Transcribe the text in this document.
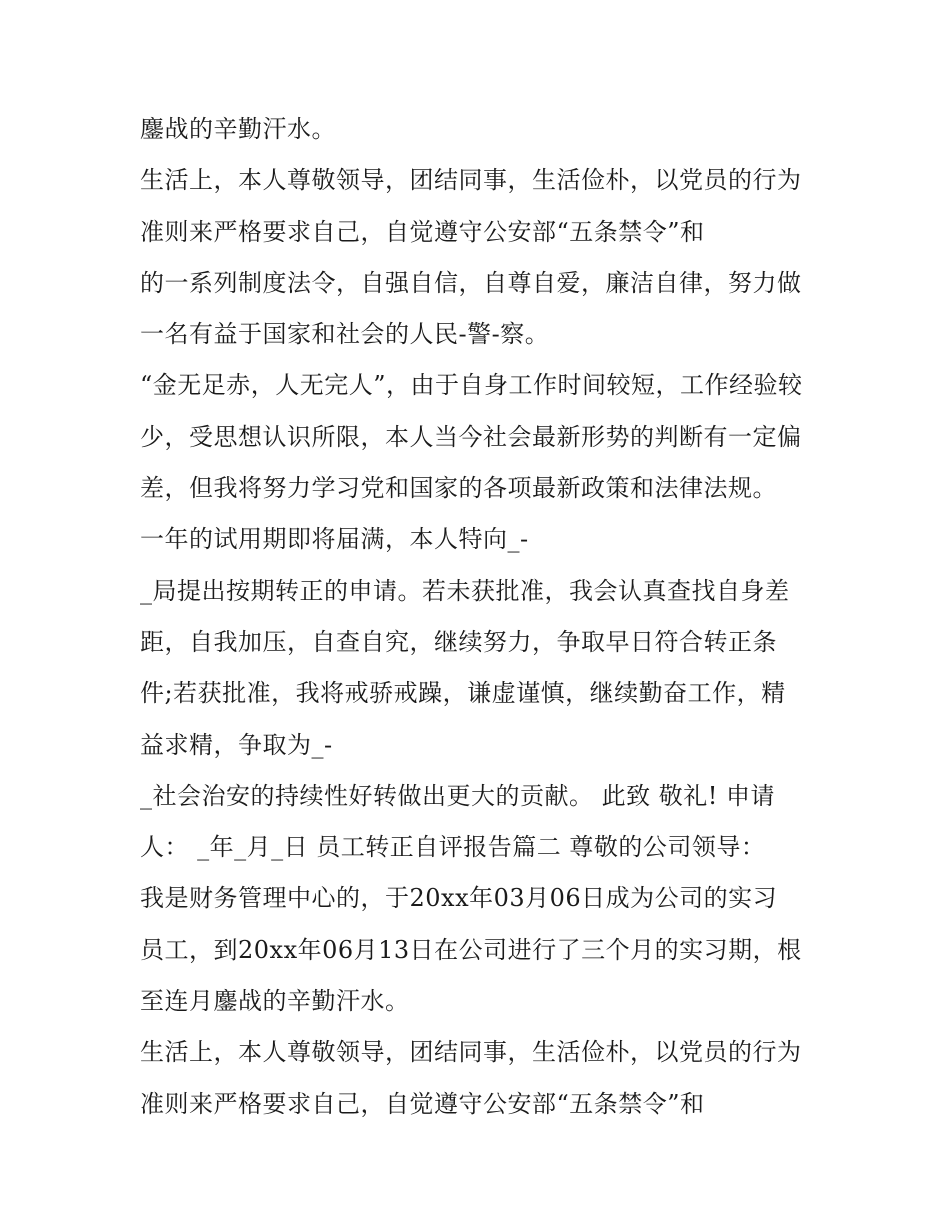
鏖战的辛勤汗水。
生活上，本人尊敬领导，团结同事，生活俭朴，以党员的行为
准则来严格要求自己，自觉遵守公安部“五条禁令”和
的一系列制度法令，自强自信，自尊自爱，廉洁自律，努力做
一名有益于国家和社会的人民-警-察。
“金无足赤，人无完人”，由于自身工作时间较短，工作经验较
少，受思想认识所限，本人当今社会最新形势的判断有一定偏
差，但我将努力学习党和国家的各项最新政策和法律法规。
一年的试用期即将届满，本人特向_-
_局提出按期转正的申请。若未获批准，我会认真查找自身差
距，自我加压，自查自究，继续努力，争取早日符合转正条
件;若获批准，我将戒骄戒躁，谦虚谨慎，继续勤奋工作，精
益求精，争取为_-
_社会治安的持续性好转做出更大的贡献。 此致 敬礼! 申请
人： _年_月_日 员工转正自评报告篇二 尊敬的公司领导：
我是财务管理中心的，于20xx年03月06日成为公司的实习
员工，到20xx年06月13日在公司进行了三个月的实习期，根
至连月鏖战的辛勤汗水。
生活上，本人尊敬领导，团结同事，生活俭朴，以党员的行为
准则来严格要求自己，自觉遵守公安部“五条禁令”和
